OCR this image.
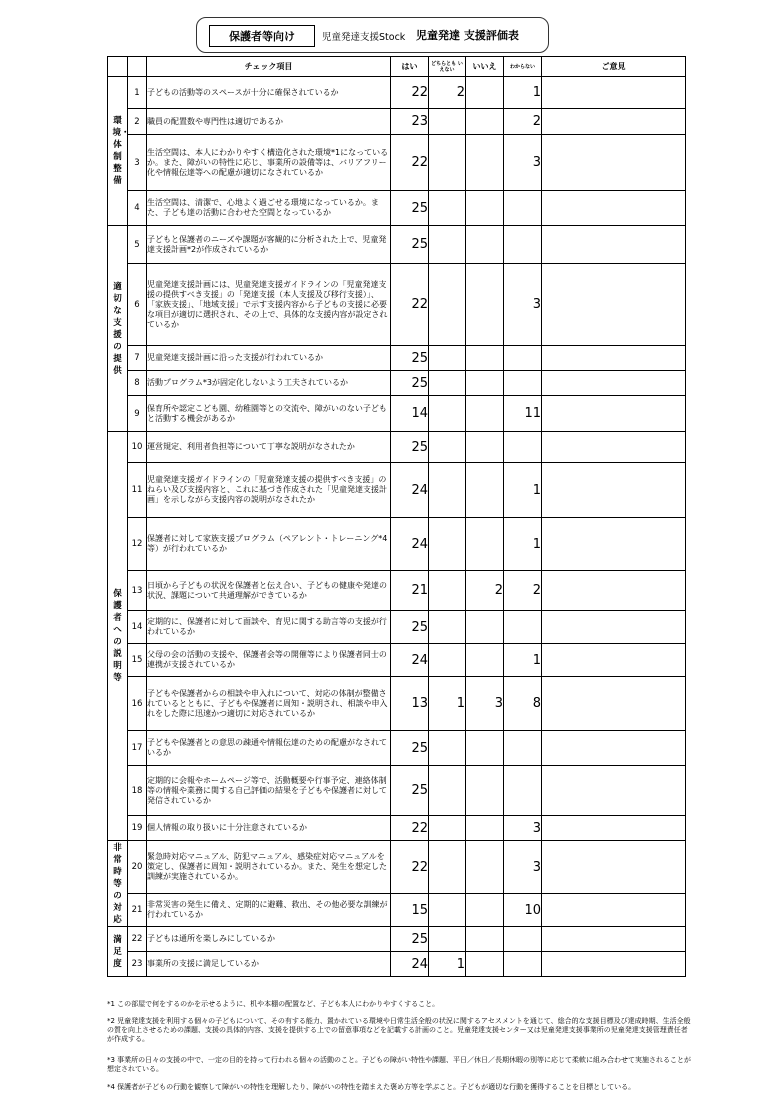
保護者等向け	児童発達支援Stock 児童発達 支援評価表
		チェック項目	はい	どちらとも いえない	いいえ	わからない	ご意見
環境・体制整備	1	子どもの活動等のスペースが十分に確保されているか	22	2		1	
	2	職員の配置数や専門性は適切であるか	23			2	
	3	生活空間は、本人にわかりやすく構造化された環境*1になっているか。また、障がいの特性に応じ、事業所の設備等は、バリアフリー化や情報伝達等への配慮が適切になされているか	22			3	
	4	生活空間は、清潔で、心地よく過ごせる環境になっているか。また、子ども達の活動に合わせた空間となっているか	25				
適切な支援の提供	5	子どもと保護者のニーズや課題が客観的に分析された上で、児童発達支援計画*2が作成されているか	25				
	6	児童発達支援計画には、児童発達支援ガイドラインの「児童発達支援の提供すべき支援」の「発達支援（本人支援及び移行支援）」、「家族支援」、「地域支援」で示す支援内容から子どもの支援に必要な項目が適切に選択され、その上で、具体的な支援内容が設定されているか	22			3	
	7	児童発達支援計画に沿った支援が行われているか	25				
	8	活動プログラム*3が固定化しないよう工夫されているか	25				
	9	保育所や認定こども園、幼稚園等との交流や、障がいのない子どもと活動する機会があるか	14			11	
保護者への説明等	10	運営規定、利用者負担等について丁寧な説明がなされたか	25				
	11	児童発達支援ガイドラインの「児童発達支援の提供すべき支援」のねらい及び支援内容と、これに基づき作成された「児童発達支援計画」を示しながら支援内容の説明がなされたか	24			1	
	12	保護者に対して家族支援プログラム（ペアレント・トレーニング*4等）が行われているか	24			1	
	13	日頃から子どもの状況を保護者と伝え合い、子どもの健康や発達の状況、課題について共通理解ができているか	21		2	2	
	14	定期的に、保護者に対して面談や、育児に関する助言等の支援が行われているか	25				
	15	父母の会の活動の支援や、保護者会等の開催等により保護者同士の連携が支援されているか	24			1	
	16	子どもや保護者からの相談や申入れについて、対応の体制が整備されているとともに、子どもや保護者に周知・説明され、相談や申入れをした際に迅速かつ適切に対応されているか	13	1	3	8	
	17	子どもや保護者との意思の疎通や情報伝達のための配慮がなされているか	25				
	18	定期的に会報やホームページ等で、活動概要や行事予定、連絡体制等の情報や業務に関する自己評価の結果を子どもや保護者に対して発信されているか	25				
	19	個人情報の取り扱いに十分注意されているか	22			3	
非常時等の対応	20	緊急時対応マニュアル、防犯マニュアル、感染症対応マニュアルを策定し、保護者に周知・説明されているか。また、発生を想定した訓練が実施されているか。	22			3	
	21	非常災害の発生に備え、定期的に避難、救出、その他必要な訓練が行われているか	15			10	
満足度	22	子どもは通所を楽しみにしているか	25				
	23	事業所の支援に満足しているか	24	1			
*1 この部屋で何をするのかを示せるように、机や本棚の配置など、子ども本人にわかりやすくすること。
*2 児童発達支援を利用する個々の子どもについて、その有する能力、置かれている環境や日常生活全般の状況に関するアセスメントを通じて、総合的な支援目標及び達成時期、生活全般の質を向上させるための課題、支援の具体的内容、支援を提供する上での留意事項などを記載する計画のこと。児童発達支援センター又は児童発達支援事業所の児童発達支援管理責任者が作成する。
*3 事業所の日々の支援の中で、一定の目的を持って行われる個々の活動のこと。子どもの障がい特性や課題、平日／休日／長期休暇の別等に応じて柔軟に組み合わせて実施されることが想定されている。
*4 保護者が子どもの行動を観察して障がいの特性を理解したり、障がいの特性を踏まえた褒め方等を学ぶこと。子どもが適切な行動を獲得することを目標としている。
